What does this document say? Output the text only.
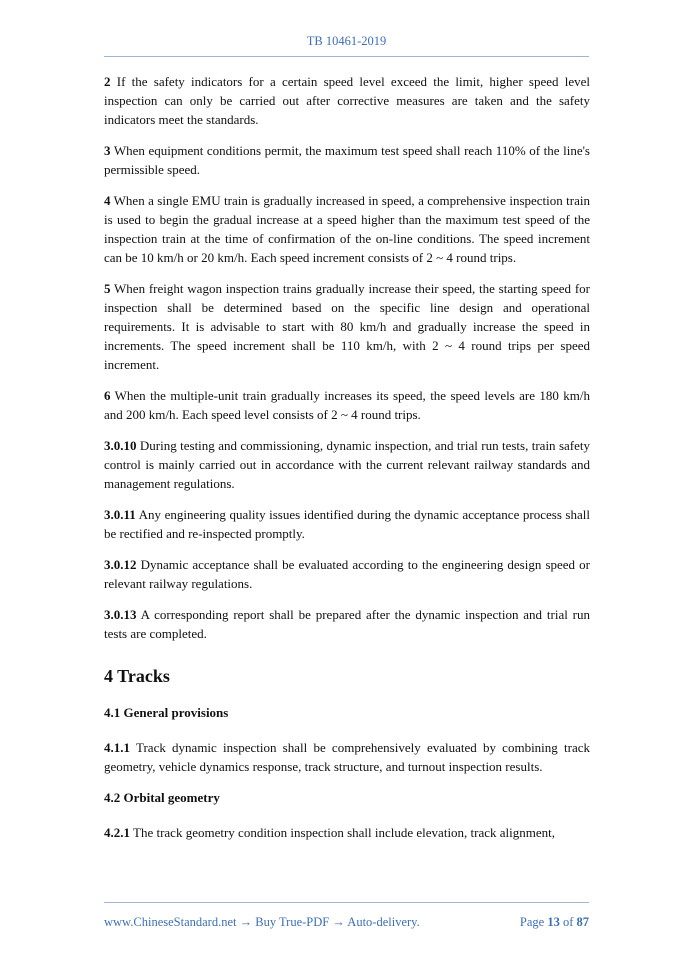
TB 10461-2019

2 If the safety indicators for a certain speed level exceed the limit, higher speed level inspection can only be carried out after corrective measures are taken and the safety indicators meet the standards.

3 When equipment conditions permit, the maximum test speed shall reach 110% of the line's permissible speed.

4 When a single EMU train is gradually increased in speed, a comprehensive inspection train is used to begin the gradual increase at a speed higher than the maximum test speed of the inspection train at the time of confirmation of the on-line conditions. The speed increment can be 10 km/h or 20 km/h. Each speed increment consists of 2 ~ 4 round trips.

5 When freight wagon inspection trains gradually increase their speed, the starting speed for inspection shall be determined based on the specific line design and operational requirements. It is advisable to start with 80 km/h and gradually increase the speed in increments. The speed increment shall be 110 km/h, with 2 ~ 4 round trips per speed increment.

6 When the multiple-unit train gradually increases its speed, the speed levels are 180 km/h and 200 km/h. Each speed level consists of 2 ~ 4 round trips.

3.0.10 During testing and commissioning, dynamic inspection, and trial run tests, train safety control is mainly carried out in accordance with the current relevant railway standards and management regulations.

3.0.11 Any engineering quality issues identified during the dynamic acceptance process shall be rectified and re-inspected promptly.

3.0.12 Dynamic acceptance shall be evaluated according to the engineering design speed or relevant railway regulations.

3.0.13 A corresponding report shall be prepared after the dynamic inspection and trial run tests are completed.

4 Tracks
4.1 General provisions

4.1.1 Track dynamic inspection shall be comprehensively evaluated by combining track geometry, vehicle dynamics response, track structure, and turnout inspection results.

4.2 Orbital geometry

4.2.1 The track geometry condition inspection shall include elevation, track alignment,

www.ChineseStandard.net → Buy True-PDF → Auto-delivery.	Page 13 of 87
